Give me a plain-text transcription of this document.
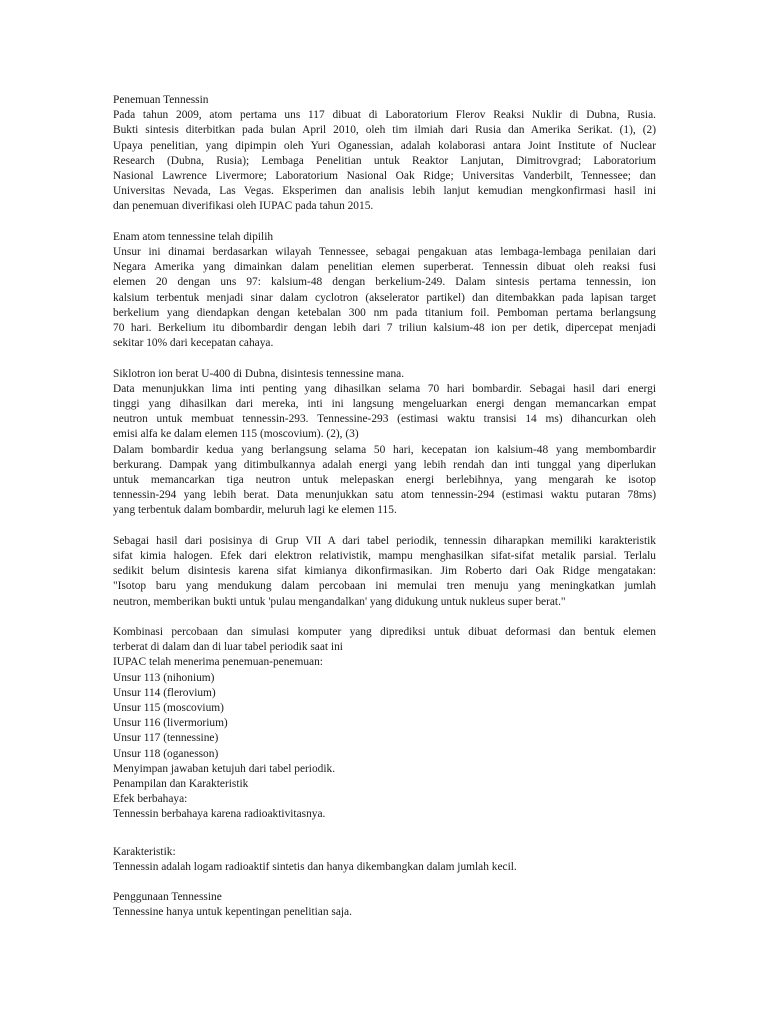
Penemuan Tennessin
Pada tahun 2009, atom pertama uns 117 dibuat di Laboratorium Flerov Reaksi Nuklir di Dubna, Rusia.
Bukti sintesis diterbitkan pada bulan April 2010, oleh tim ilmiah dari Rusia dan Amerika Serikat. (1), (2)
Upaya penelitian, yang dipimpin oleh Yuri Oganessian, adalah kolaborasi antara Joint Institute of Nuclear
Research (Dubna, Rusia); Lembaga Penelitian untuk Reaktor Lanjutan, Dimitrovgrad; Laboratorium
Nasional Lawrence Livermore; Laboratorium Nasional Oak Ridge; Universitas Vanderbilt, Tennessee; dan
Universitas Nevada, Las Vegas. Eksperimen dan analisis lebih lanjut kemudian mengkonfirmasi hasil ini
dan penemuan diverifikasi oleh IUPAC pada tahun 2015.
Enam atom tennessine telah dipilih
Unsur ini dinamai berdasarkan wilayah Tennessee, sebagai pengakuan atas lembaga-lembaga penilaian dari
Negara Amerika yang dimainkan dalam penelitian elemen superberat. Tennessin dibuat oleh reaksi fusi
elemen 20 dengan uns 97: kalsium-48 dengan berkelium-249. Dalam sintesis pertama tennessin, ion
kalsium terbentuk menjadi sinar dalam cyclotron (akselerator partikel) dan ditembakkan pada lapisan target
berkelium yang diendapkan dengan ketebalan 300 nm pada titanium foil. Pemboman pertama berlangsung
70 hari. Berkelium itu dibombardir dengan lebih dari 7 triliun kalsium-48 ion per detik, dipercepat menjadi
sekitar 10% dari kecepatan cahaya.
Siklotron ion berat U-400 di Dubna, disintesis tennessine mana.
Data menunjukkan lima inti penting yang dihasilkan selama 70 hari bombardir. Sebagai hasil dari energi
tinggi yang dihasilkan dari mereka, inti ini langsung mengeluarkan energi dengan memancarkan empat
neutron untuk membuat tennessin-293. Tennessine-293 (estimasi waktu transisi 14 ms) dihancurkan oleh
emisi alfa ke dalam elemen 115 (moscovium). (2), (3)
Dalam bombardir kedua yang berlangsung selama 50 hari, kecepatan ion kalsium-48 yang membombardir
berkurang. Dampak yang ditimbulkannya adalah energi yang lebih rendah dan inti tunggal yang diperlukan
untuk memancarkan tiga neutron untuk melepaskan energi berlebihnya, yang mengarah ke isotop
tennessin-294 yang lebih berat. Data menunjukkan satu atom tennessin-294 (estimasi waktu putaran 78ms)
yang terbentuk dalam bombardir, meluruh lagi ke elemen 115.
Sebagai hasil dari posisinya di Grup VII A dari tabel periodik, tennessin diharapkan memiliki karakteristik
sifat kimia halogen. Efek dari elektron relativistik, mampu menghasilkan sifat-sifat metalik parsial. Terlalu
sedikit belum disintesis karena sifat kimianya dikonfirmasikan. Jim Roberto dari Oak Ridge mengatakan:
"Isotop baru yang mendukung dalam percobaan ini memulai tren menuju yang meningkatkan jumlah
neutron, memberikan bukti untuk 'pulau mengandalkan' yang didukung untuk nukleus super berat."
Kombinasi percobaan dan simulasi komputer yang diprediksi untuk dibuat deformasi dan bentuk elemen
terberat di dalam dan di luar tabel periodik saat ini
IUPAC telah menerima penemuan-penemuan:
Unsur 113 (nihonium)
Unsur 114 (flerovium)
Unsur 115 (moscovium)
Unsur 116 (livermorium)
Unsur 117 (tennessine)
Unsur 118 (oganesson)
Menyimpan jawaban ketujuh dari tabel periodik.
Penampilan dan Karakteristik
Efek berbahaya:
Tennessin berbahaya karena radioaktivitasnya.
Karakteristik:
Tennessin adalah logam radioaktif sintetis dan hanya dikembangkan dalam jumlah kecil.
Penggunaan Tennessine
Tennessine hanya untuk kepentingan penelitian saja.
